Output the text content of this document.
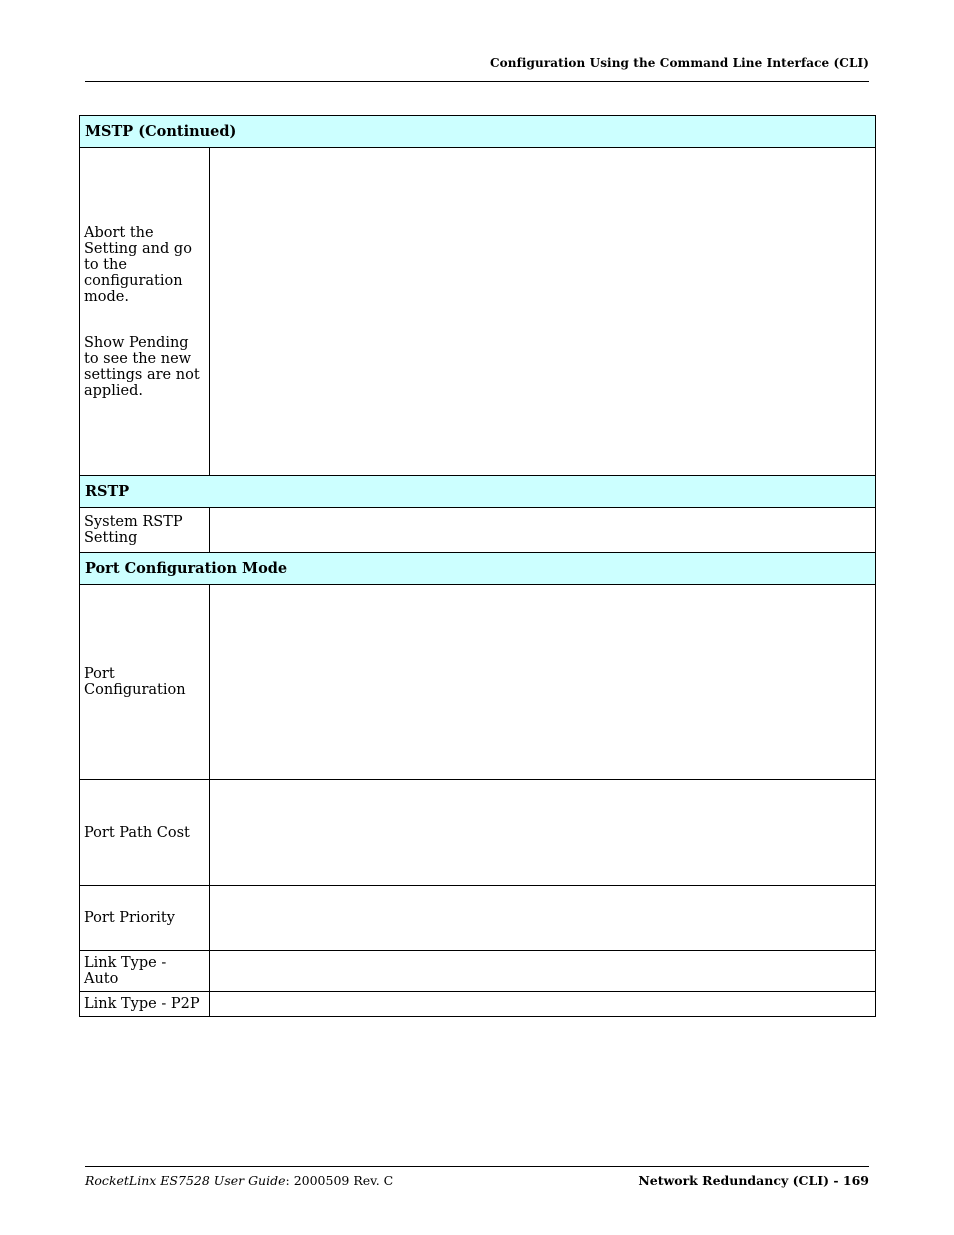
Configuration Using the Command Line Interface (CLI)
MSTP (Continued)	

Abort the Setting and go to the configuration mode.
Show Pending to see the new settings are not applied.	

RSTP	
System RSTP Setting	
Port Configuration Mode	
Port Configuration	
Port Path Cost	
Port Priority	
Link Type - Auto	
Link Type - P2P	
RocketLinx ES7528 User Guide: 2000509 Rev. C	Network Redundancy (CLI) - 169
